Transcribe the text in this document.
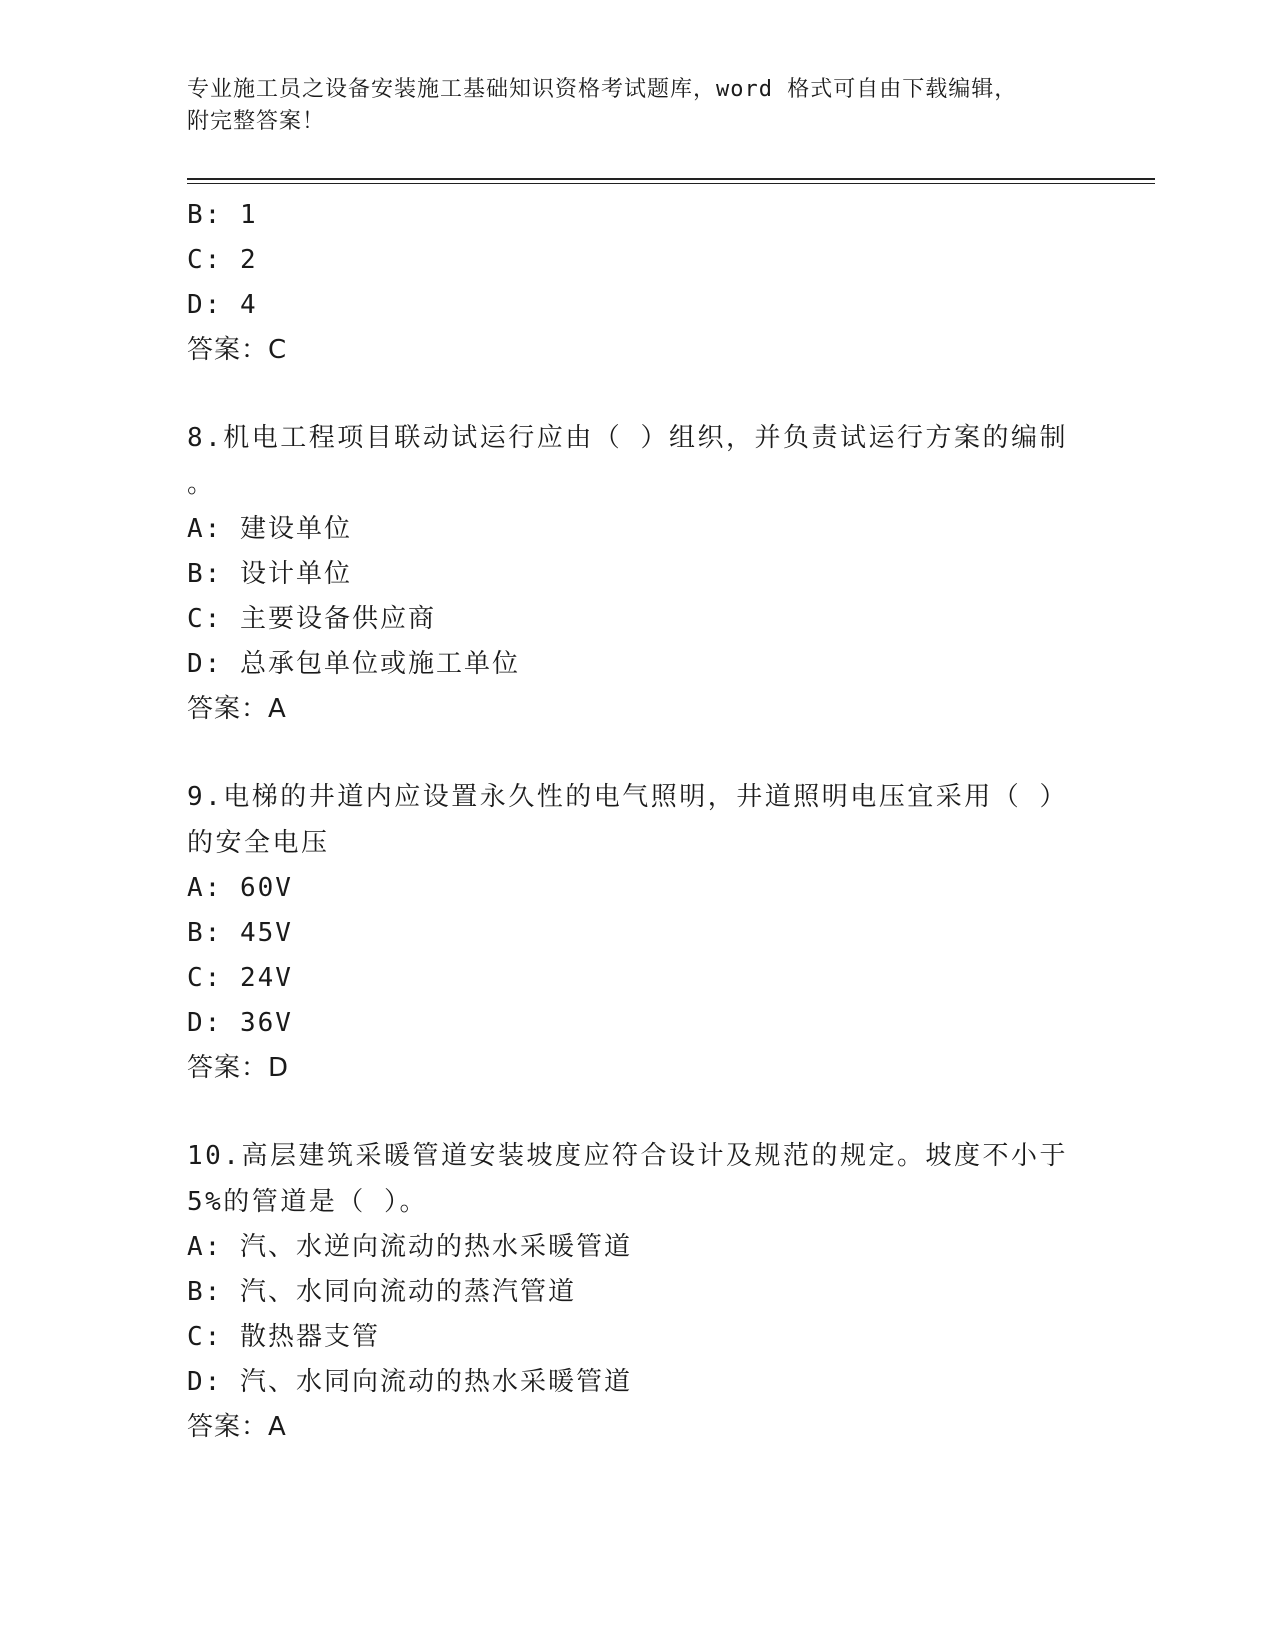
专业施工员之设备安装施工基础知识资格考试题库，word 格式可自由下载编辑，
附完整答案！
B: 1
C: 2
D: 4
答案：C
8.机电工程项目联动试运行应由（ ）组织，并负责试运行方案的编制
。
A: 建设单位
B: 设计单位
C: 主要设备供应商
D: 总承包单位或施工单位
答案：A
9.电梯的井道内应设置永久性的电气照明，井道照明电压宜采用（ ）
的安全电压
A: 60V
B: 45V
C: 24V
D: 36V
答案：D
10.高层建筑采暖管道安装坡度应符合设计及规范的规定。坡度不小于
5%的管道是（ ）。
A: 汽、水逆向流动的热水采暖管道
B: 汽、水同向流动的蒸汽管道
C: 散热器支管
D: 汽、水同向流动的热水采暖管道
答案：A
